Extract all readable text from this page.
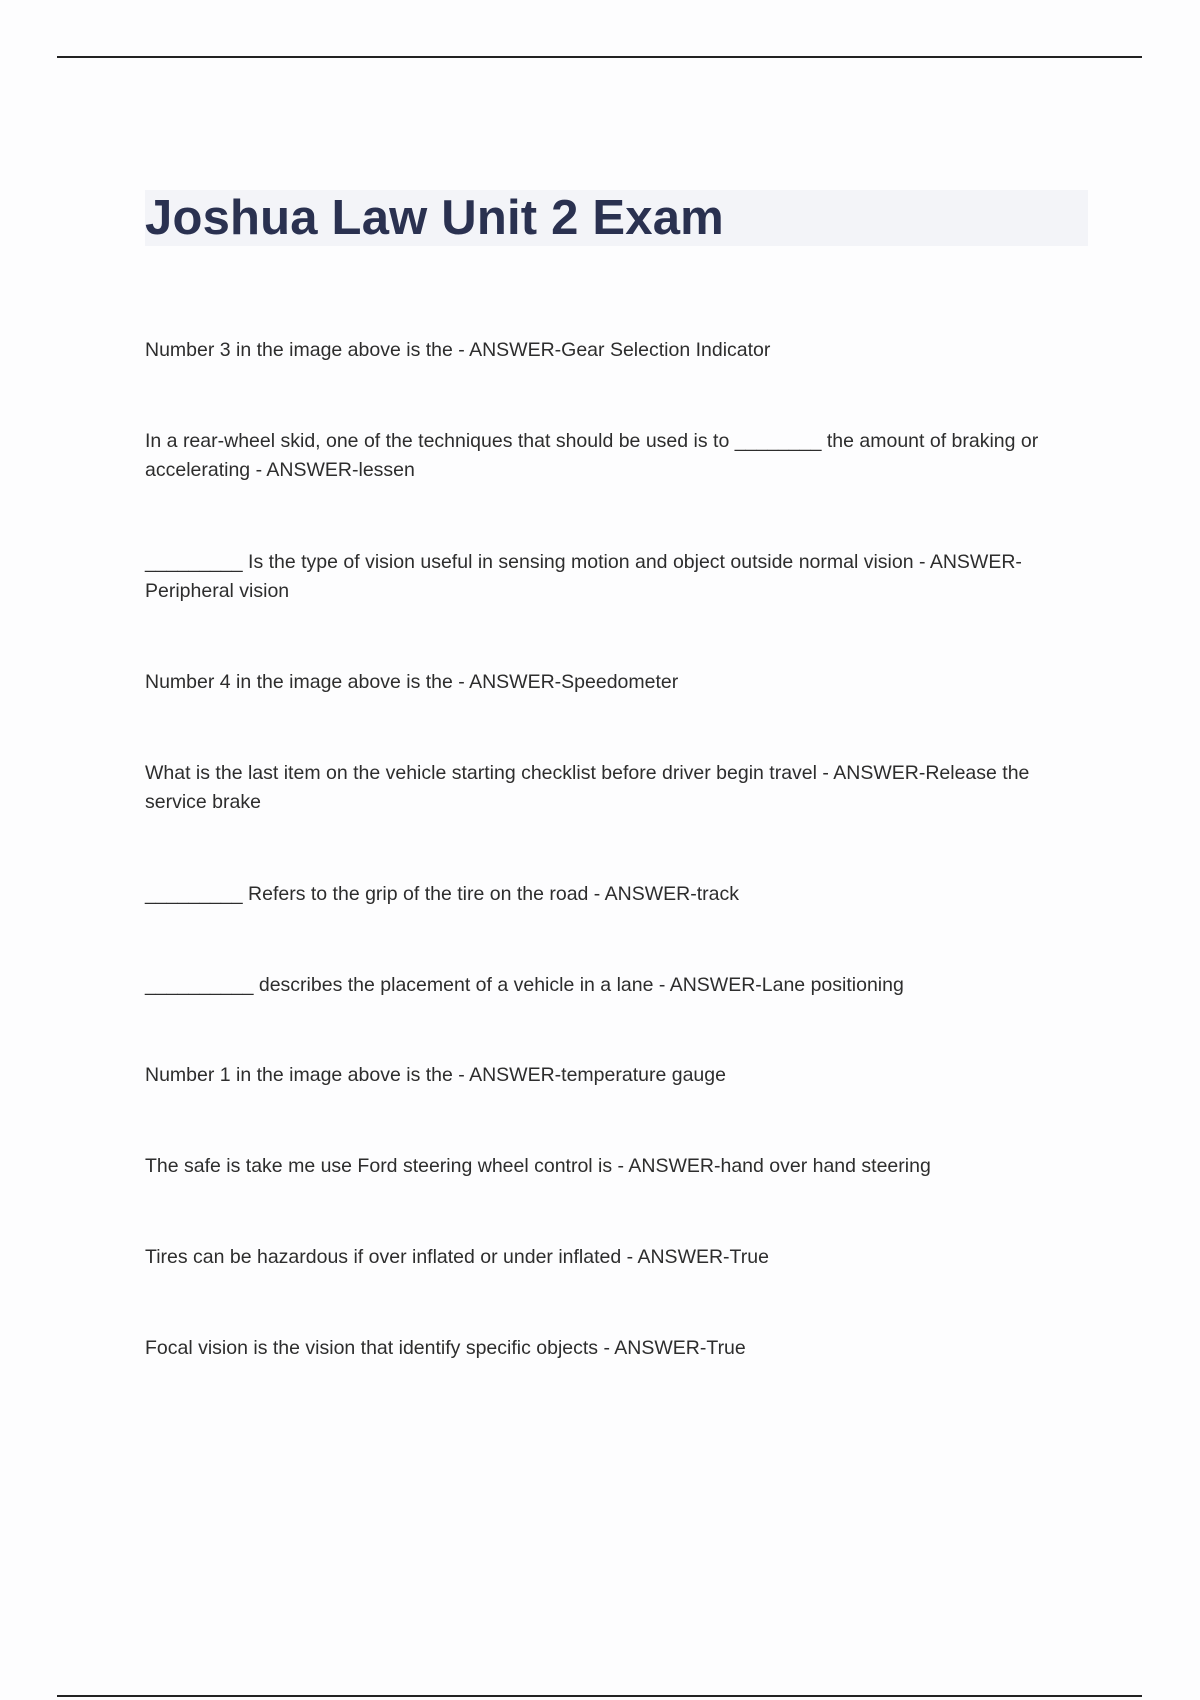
Joshua Law Unit 2 Exam

Number 3 in the image above is the - ANSWER-Gear Selection Indicator

In a rear-wheel skid, one of the techniques that should be used is to ________ the amount of braking or accelerating - ANSWER-lessen

_________ Is the type of vision useful in sensing motion and object outside normal vision - ANSWER-Peripheral vision

Number 4 in the image above is the - ANSWER-Speedometer

What is the last item on the vehicle starting checklist before driver begin travel - ANSWER-Release the service brake

_________ Refers to the grip of the tire on the road - ANSWER-track

__________ describes the placement of a vehicle in a lane - ANSWER-Lane positioning

Number 1 in the image above is the - ANSWER-temperature gauge

The safe is take me use Ford steering wheel control is - ANSWER-hand over hand steering

Tires can be hazardous if over inflated or under inflated - ANSWER-True

Focal vision is the vision that identify specific objects - ANSWER-True
